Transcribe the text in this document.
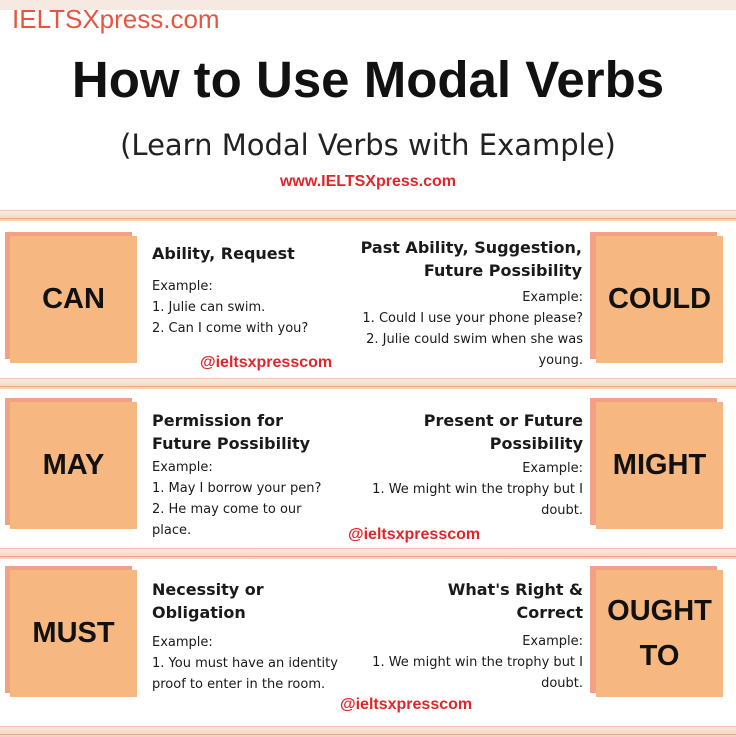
IELTSXpress.com
How to Use Modal Verbs
(Learn Modal Verbs with Example)
www.IELTSXpress.com
CAN
Ability, Request
Example:
1. Julie can swim.
2. Can I come with you?
Past Ability, Suggestion,
Future Possibility
Example:
1. Could I use your phone please?
2. Julie could swim when she was
young.
COULD
@ieltsxpresscom
MAY
Permission for
Future Possibility
Example:
1. May I borrow your pen?
2. He may come to our
place.
Present or Future
Possibility
Example:
1. We might win the trophy but I
doubt.
MIGHT
@ieltsxpresscom
MUST
Necessity or
Obligation
Example:
1. You must have an identity
proof to enter in the room.
What's Right &
Correct
Example:
1. We might win the trophy but I
doubt.
OUGHT
TO
@ieltsxpresscom
